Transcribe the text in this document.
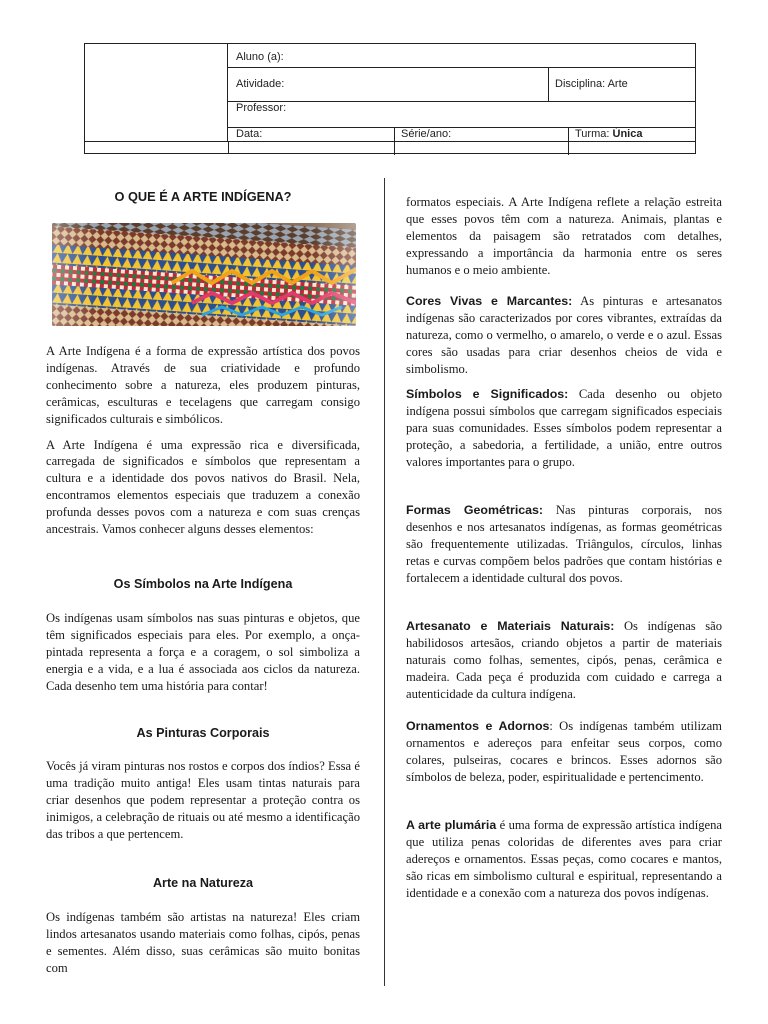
Aluno (a):
Atividade:	Disciplina: Arte
Professor:
Data:	Série/ano:	Turma: Única
O QUE É A ARTE INDÍGENA?

A Arte Indígena é a forma de expressão artística dos povos indígenas. Através de sua criatividade e profundo conhecimento sobre a natureza, eles produzem pinturas, cerâmicas, esculturas e tecelagens que carregam consigo significados culturais e simbólicos.

A Arte Indígena é uma expressão rica e diversificada, carregada de significados e símbolos que representam a cultura e a identidade dos povos nativos do Brasil. Nela, encontramos elementos especiais que traduzem a conexão profunda desses povos com a natureza e com suas crenças ancestrais. Vamos conhecer alguns desses elementos:

Os Símbolos na Arte Indígena

Os indígenas usam símbolos nas suas pinturas e objetos, que têm significados especiais para eles. Por exemplo, a onça-pintada representa a força e a coragem, o sol simboliza a energia e a vida, e a lua é associada aos ciclos da natureza. Cada desenho tem uma história para contar!

As Pinturas Corporais

Vocês já viram pinturas nos rostos e corpos dos índios? Essa é uma tradição muito antiga! Eles usam tintas naturais para criar desenhos que podem representar a proteção contra os inimigos, a celebração de rituais ou até mesmo a identificação das tribos a que pertencem.

Arte na Natureza

Os indígenas também são artistas na natureza! Eles criam lindos artesanatos usando materiais como folhas, cipós, penas e sementes. Além disso, suas cerâmicas são muito bonitas com

formatos especiais. A Arte Indígena reflete a relação estreita que esses povos têm com a natureza. Animais, plantas e elementos da paisagem são retratados com detalhes, expressando a importância da harmonia entre os seres humanos e o meio ambiente.

Cores Vivas e Marcantes: As pinturas e artesanatos indígenas são caracterizados por cores vibrantes, extraídas da natureza, como o vermelho, o amarelo, o verde e o azul. Essas cores são usadas para criar desenhos cheios de vida e simbolismo.

Símbolos e Significados: Cada desenho ou objeto indígena possui símbolos que carregam significados especiais para suas comunidades. Esses símbolos podem representar a proteção, a sabedoria, a fertilidade, a união, entre outros valores importantes para o grupo.

Formas Geométricas: Nas pinturas corporais, nos desenhos e nos artesanatos indígenas, as formas geométricas são frequentemente utilizadas. Triângulos, círculos, linhas retas e curvas compõem belos padrões que contam histórias e fortalecem a identidade cultural dos povos.

Artesanato e Materiais Naturais: Os indígenas são habilidosos artesãos, criando objetos a partir de materiais naturais como folhas, sementes, cipós, penas, cerâmica e madeira. Cada peça é produzida com cuidado e carrega a autenticidade da cultura indígena.

Ornamentos e Adornos: Os indígenas também utilizam ornamentos e adereços para enfeitar seus corpos, como colares, pulseiras, cocares e brincos. Esses adornos são símbolos de beleza, poder, espiritualidade e pertencimento.

A arte plumária é uma forma de expressão artística indígena que utiliza penas coloridas de diferentes aves para criar adereços e ornamentos. Essas peças, como cocares e mantos, são ricas em simbolismo cultural e espiritual, representando a identidade e a conexão com a natureza dos povos indígenas.
